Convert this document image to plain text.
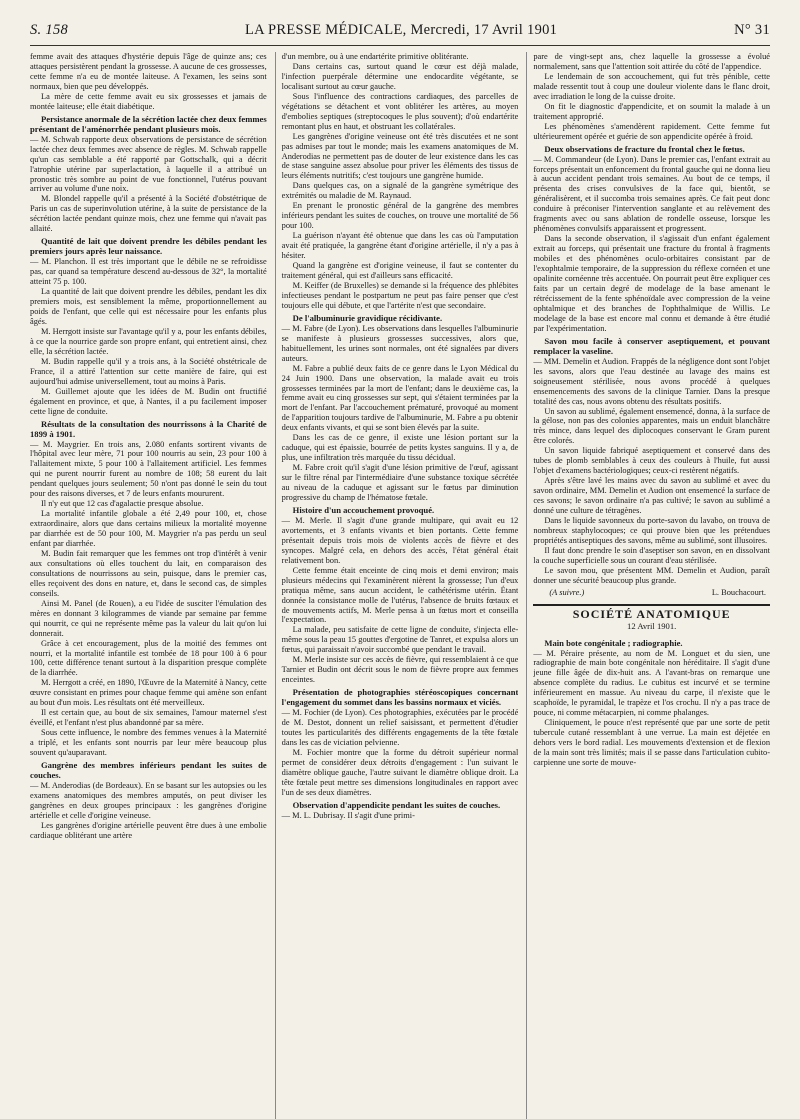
S. 158	LA PRESSE MÉDICALE, Mercredi, 17 Avril 1901	N° 31

femme avait des attaques d'hystérie depuis l'âge de quinze ans; ces attaques persistèrent pendant la grossesse. A aucune de ces grossesses, cette femme n'a eu de montée laiteuse. A l'examen, les seins sont normaux, bien que peu développés.

La mère de cette femme avait eu six grossesses et jamais de montée laiteuse; elle était diabétique.

Persistance anormale de la sécrétion lactée chez deux femmes présentant de l'aménorrhée pendant plusieurs mois.

— M. Schwab rapporte deux observations de persistance de sécrétion lactée chez deux femmes avec absence de règles. M. Schwab rappelle qu'un cas semblable a été rapporté par Gottschalk, qui a décrit l'atrophie utérine par superlactation, à laquelle il a attribué un pronostic très sombre au point de vue fonctionnel, l'utérus pouvant arriver au volume d'une noix.

M. Blondel rappelle qu'il a présenté à la Société d'obstétrique de Paris un cas de superinvolution utérine, à la suite de persistance de la sécrétion lactée pendant quinze mois, chez une femme qui n'avait pas allaité.

Quantité de lait que doivent prendre les débiles pendant les premiers jours après leur naissance.

— M. Planchon. Il est très important que le débile ne se refroidisse pas, car quand sa température descend au-dessous de 32°, la mortalité atteint 75 p. 100.

La quantité de lait que doivent prendre les débiles, pendant les dix premiers mois, est sensiblement la même, proportionnellement au poids de l'enfant, que celle qui est nécessaire pour les enfants plus âgés.

M. Herrgott insiste sur l'avantage qu'il y a, pour les enfants débiles, à ce que la nourrice garde son propre enfant, qui entretient ainsi, chez elle, la sécrétion lactée.

M. Budin rappelle qu'il y a trois ans, à la Société obstétricale de France, il a attiré l'attention sur cette manière de faire, qui est aujourd'hui admise universellement, tout au moins à Paris.

M. Guillemet ajoute que les idées de M. Budin ont fructifié également en province, et que, à Nantes, il a pu facilement imposer cette ligne de conduite.

Résultats de la consultation des nourrissons à la Charité de 1899 à 1901.

— M. Maygrier. En trois ans, 2.080 enfants sortirent vivants de l'hôpital avec leur mère, 71 pour 100 nourris au sein, 23 pour 100 à l'allaitement mixte, 5 pour 100 à l'allaitement artificiel. Les femmes qui ne purent nourrir furent au nombre de 108; 58 eurent du lait pendant quelques jours seulement; 50 n'ont pas donné le sein du tout pour des raisons diverses, et 7 de leurs enfants moururent.

Il n'y eut que 12 cas d'agalactie presque absolue.

La mortalité infantile globale a été 2,49 pour 100, et, chose extraordinaire, alors que dans certains milieux la mortalité moyenne par diarrhée est de 50 pour 100, M. Maygrier n'a pas perdu un seul enfant par diarrhée.

M. Budin fait remarquer que les femmes ont trop d'intérêt à venir aux consultations où elles touchent du lait, en comparaison des consultations de nourrissons au sein, puisque, dans le premier cas, elles reçoivent des dons en nature, et, dans le second cas, de simples conseils.

Ainsi M. Panel (de Rouen), a eu l'idée de susciter l'émulation des mères en donnant 3 kilogrammes de viande par semaine par femme qui nourrit, ce qui ne représente même pas la valeur du lait qu'on lui donnerait.

Grâce à cet encouragement, plus de la moitié des femmes ont nourri, et la mortalité infantile est tombée de 18 pour 100 à 6 pour 100, cette différence tenant surtout à la disparition presque complète de la diarrhée.

M. Herrgott a créé, en 1890, l'Œuvre de la Maternité à Nancy, cette œuvre consistant en primes pour chaque femme qui amène son enfant au bout d'un mois. Les résultats ont été merveilleux.

Il est certain que, au bout de six semaines, l'amour maternel s'est éveillé, et l'enfant n'est plus abandonné par sa mère.

Sous cette influence, le nombre des femmes venues à la Maternité a triplé, et les enfants sont nourris par leur mère beaucoup plus souvent qu'auparavant.

Gangrène des membres inférieurs pendant les suites de couches.

— M. Anderodias (de Bordeaux). En se basant sur les autopsies ou les examens anatomiques des membres amputés, on peut diviser les gangrènes en deux groupes principaux : les gangrènes d'origine artérielle et celle d'origine veineuse.

Les gangrènes d'origine artérielle peuvent être dues à une embolie cardiaque oblitérant une artère

d'un membre, ou à une endartérite primitive oblitérante.

Dans certains cas, surtout quand le cœur est déjà malade, l'infection puerpérale détermine une endocardite végétante, se localisant surtout au cœur gauche.

Sous l'influence des contractions cardiaques, des parcelles de végétations se détachent et vont oblitérer les artères, au moyen d'embolies septiques (streptocoques le plus souvent); d'où endartérite remontant plus en haut, et obstruant les collatérales.

Les gangrènes d'origine veineuse ont été très discutées et ne sont pas admises par tout le monde; mais les examens anatomiques de M. Anderodias ne permettent pas de douter de leur existence dans les cas de stase sanguine assez absolue pour priver les éléments des tissus de leurs éléments nutritifs; c'est toujours une gangrène humide.

Dans quelques cas, on a signalé de la gangrène symétrique des extrémités ou maladie de M. Raynaud.

En prenant le pronostic général de la gangrène des membres inférieurs pendant les suites de couches, on trouve une mortalité de 56 pour 100.

La guérison n'ayant été obtenue que dans les cas où l'amputation avait été pratiquée, la gangrène étant d'origine artérielle, il n'y a pas à hésiter.

Quand la gangrène est d'origine veineuse, il faut se contenter du traitement général, qui est d'ailleurs sans efficacité.

M. Keiffer (de Bruxelles) se demande si la fréquence des phlébites infectieuses pendant le postpartum ne peut pas faire penser que c'est toujours elle qui débute, et que l'artérite n'est que secondaire.

De l'albuminurie gravidique récidivante.

— M. Fabre (de Lyon). Les observations dans lesquelles l'albuminurie se manifeste à plusieurs grossesses successives, alors que, habituellement, les urines sont normales, ont été signalées par divers auteurs.

M. Fabre a publié deux faits de ce genre dans le Lyon Médical du 24 Juin 1900. Dans une observation, la malade avait eu trois grossesses terminées par la mort de l'enfant; dans le deuxième cas, la femme avait eu cinq grossesses sur sept, qui s'étaient terminées par la mort de l'enfant. Par l'accouchement prématuré, provoqué au moment de l'apparition toujours tardive de l'albuminurie, M. Fabre a pu obtenir deux enfants vivants, et qui se sont bien élevés par la suite.

Dans les cas de ce genre, il existe une lésion portant sur la caduque, qui est épaissie, bourrée de petits kystes sanguins. Il y a, de plus, une infiltration très marquée du tissu décidual.

M. Fabre croit qu'il s'agit d'une lésion primitive de l'œuf, agissant sur le filtre rénal par l'intermédiaire d'une substance toxique sécrétée au niveau de la caduque et agissant sur le fœtus par diminution progressive du champ de l'hématose fœtale.

Histoire d'un accouchement provoqué.

— M. Merle. Il s'agit d'une grande multipare, qui avait eu 12 avortements, et 3 enfants vivants et bien portants. Cette femme présentait depuis trois mois de violents accès de fièvre et des syncopes. Malgré cela, en dehors des accès, l'état général était relativement bon.

Cette femme était enceinte de cinq mois et demi environ; mais plusieurs médecins qui l'examinèrent nièrent la grossesse; l'un d'eux pratiqua même, sans aucun accident, le cathétérisme utérin. Étant donnée la consistance molle de l'utérus, l'absence de bruits fœtaux et de mouvements actifs, M. Merle pensa à un fœtus mort et conseilla l'expectation.

La malade, peu satisfaite de cette ligne de conduite, s'injecta elle-même sous la peau 15 gouttes d'ergotine de Tanret, et expulsa alors un fœtus, qui paraissait n'avoir succombé que pendant le travail.

M. Merle insiste sur ces accès de fièvre, qui ressemblaient à ce que Tarnier et Budin ont décrit sous le nom de fièvre propre aux femmes enceintes.

Présentation de photographies stéréoscopiques concernant l'engagement du sommet dans les bassins normaux et viciés.

— M. Fochier (de Lyon). Ces photographies, exécutées par le procédé de M. Destot, donnent un relief saisissant, et permettent d'étudier toutes les particularités des différents engagements de la tête fœtale dans les cas de viciation pelvienne.

M. Fochier montre que la forme du détroit supérieur normal permet de considérer deux détroits d'engagement : l'un suivant le diamètre oblique gauche, l'autre suivant le diamètre oblique droit. La tête fœtale peut mettre ses dimensions longitudinales en rapport avec l'un de ses deux diamètres.

Observation d'appendicite pendant les suites de couches.

— M. L. Dubrisay. Il s'agit d'une primi-

pare de vingt-sept ans, chez laquelle la grossesse a évolué normalement, sans que l'attention soit attirée du côté de l'appendice.

Le lendemain de son accouchement, qui fut très pénible, cette malade ressentit tout à coup une douleur violente dans le flanc droit, avec irradiation le long de la cuisse droite.

On fit le diagnostic d'appendicite, et on soumit la malade à un traitement approprié.

Les phénomènes s'amendèrent rapidement. Cette femme fut ultérieurement opérée et guérie de son appendicite opérée à froid.

Deux observations de fracture du frontal chez le fœtus.

— M. Commandeur (de Lyon). Dans le premier cas, l'enfant extrait au forceps présentait un enfoncement du frontal gauche qui ne donna lieu à aucun accident pendant trois semaines. Au bout de ce temps, il présenta des crises convulsives de la face qui, bientôt, se généralisèrent, et il succomba trois semaines après. Ce fait peut donc conduire à préconiser l'intervention sanglante et au relèvement des fragments avec ou sans ablation de rondelle osseuse, lorsque les phénomènes convulsifs apparaissent et progressent.

Dans la seconde observation, il s'agissait d'un enfant également extrait au forceps, qui présentait une fracture du frontal à fragments mobiles et des phénomènes oculo-orbitaires consistant par de l'exophtalmie temporaire, de la suppression du réflexe cornéen et une opalinite cornéenne très accentuée. On pourrait peut être expliquer ces faits par un certain degré de modelage de la base amenant le rétrécissement de la fente sphénoïdale avec compression de la veine ophtalmique et des branches de l'ophthalmique de Willis. Le modelage de la base est encore mal connu et demande à être étudié par l'expérimentation.

Savon mou facile à conserver aseptiquement, et pouvant remplacer la vaseline.

— MM. Demelin et Audion. Frappés de la négligence dont sont l'objet les savons, alors que l'eau destinée au lavage des mains est soigneusement stérilisée, nous avons procédé à quelques ensemencements des savons de la clinique Tarnier. Dans la presque totalité des cas, nous avons obtenu des résultats positifs.

Un savon au sublimé, également ensemencé, donna, à la surface de la gélose, non pas des colonies apparentes, mais un enduit blanchâtre très mince, dans lequel des diplocoques conservant le Gram purent être colorés.

Un savon liquide fabriqué aseptiquement et conservé dans des tubes de plomb semblables à ceux des couleurs à l'huile, fut aussi l'objet d'examens bactériologiques; ceux-ci restèrent négatifs.

Après s'être lavé les mains avec du savon au sublimé et avec du savon ordinaire, MM. Demelin et Audion ont ensemencé la surface de ces savons; le savon ordinaire n'a pas cultivé; le savon au sublimé a donné une culture de tétragènes.

Dans le liquide savonneux du porte-savon du lavabo, on trouva de nombreux staphylocoques; ce qui prouve bien que les prétendues propriétés antiseptiques des savons, même au sublimé, sont illusoires.

Il faut donc prendre le soin d'aseptiser son savon, en en dissolvant la couche superficielle sous un courant d'eau stérilisée.

Le savon mou, que présentent MM. Demelin et Audion, paraît donner une sécurité beaucoup plus grande.

(A suivre.)	L. Bouchacourt.
SOCIÉTÉ ANATOMIQUE
12 Avril 1901.
Main bote congénitale ; radiographie.

— M. Péraire présente, au nom de M. Longuet et du sien, une radiographie de main bote congénitale non héréditaire. Il s'agit d'une jeune fille âgée de dix-huit ans. A l'avant-bras on remarque une absence complète du radius. Le cubitus est incurvé et se termine inférieurement en massue. Au niveau du carpe, il n'existe que le scaphoïde, le pyramidal, le trapèze et l'os crochu. Il n'y a pas trace de pouce, ni comme métacarpien, ni comme phalanges.

Cliniquement, le pouce n'est représenté que par une sorte de petit tubercule cutané ressemblant à une verrue. La main est déjetée en dehors vers le bord radial. Les mouvements d'extension et de flexion de la main sont très limités; mais il se passe dans l'articulation cubito-carpienne une sorte de mouve-
